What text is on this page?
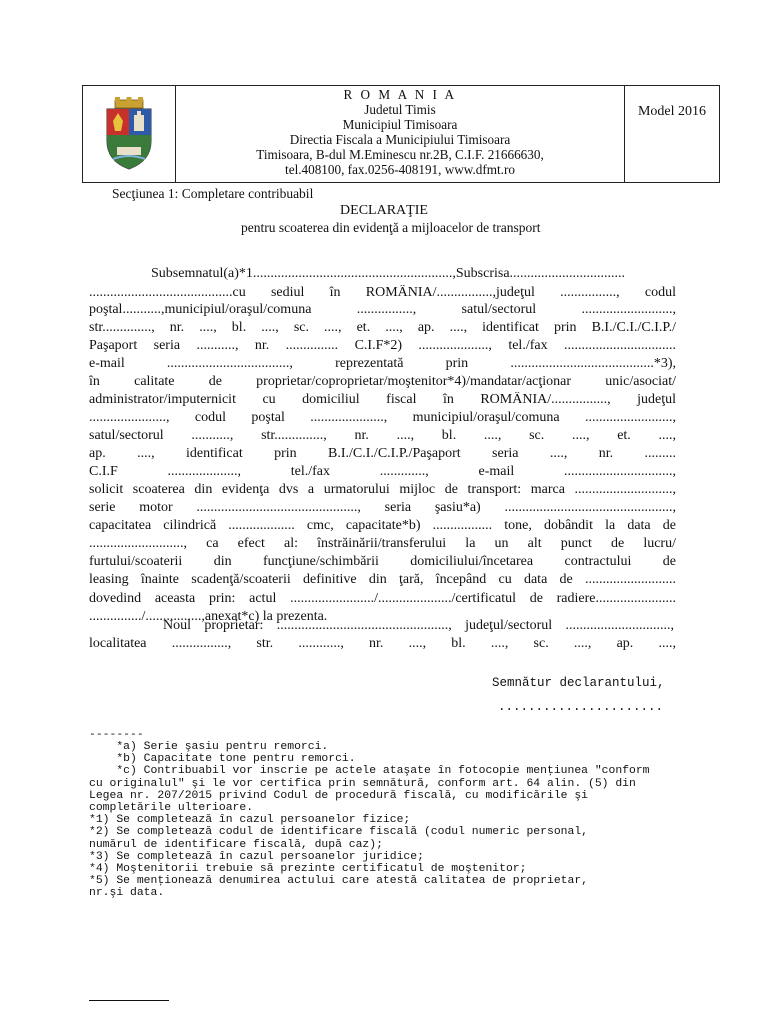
R O M A N I A
Judetul Timis
Municipiul Timisoara
Directia Fiscala a Municipiului Timisoara
Timisoara, B-dul M.Eminescu nr.2B, C.I.F. 21666630,
tel.408100, fax.0256-408191, www.dfmt.ro
Model 2016
Secţiunea 1: Completare contribuabil
DECLARAŢIE
pentru scoaterea din evidenţă a mijloacelor de transport
Subsemnatul(a)*1.........................................................,Subscrisa.................................
.........................................cu sediul în ROMÂNIA/................,judeţul ................, codul
poştal...........,municipiul/oraşul/comuna ................, satul/sectorul ..........................,
str.............., nr. ...., bl. ...., sc. ...., et. ...., ap. ...., identificat prin B.I./C.I./C.I.P./
Paşaport seria ..........., nr. ............... C.I.F*2) ...................., tel./fax ................................
e-mail ..................................., reprezentată prin .........................................*3),
în calitate de proprietar/coproprietar/moştenitor*4)/mandatar/acţionar unic/asociat/
administrator/imputernicit cu domiciliul fiscal în ROMÂNIA/................, judeţul
......................, codul poştal ....................., municipiul/oraşul/comuna .........................,
satul/sectorul ..........., str.............., nr. ...., bl. ...., sc. ...., et. ....,
ap. ...., identificat prin B.I./C.I./C.I.P./Paşaport seria ...., nr. .........
C.I.F ...................., tel./fax ............., e-mail ...............................,
solicit scoaterea din evidenţa dvs a urmatorului mijloc de transport: marca ............................,
serie motor .............................................., seria şasiu*a) ................................................,
capacitatea cilindrică ................... cmc, capacitate*b) ................. tone, dobândit la data de
..........................., ca efect al: înstrăinării/transferului la un alt punct de lucru/
furtului/scoaterii din funcţiune/schimbării domiciliului/încetarea contractului de
leasing înainte scadenţă/scoaterii definitive din ţară, începând cu data de ..........................
dovedind aceasta prin: actul ......................../...................../certificatul de radiere.......................
.............../................,anexat*c) la prezenta.
Noul proprietar: ................................................., judeţul/sectorul ..............................,
localitatea ................, str. ............, nr. ...., bl. ...., sc. ...., ap. ....,
Semnătur declarantului,
......................
--------
*a) Serie şasiu pentru remorci.
*b) Capacitate tone pentru remorci.
*c) Contribuabil vor inscrie pe actele ataşate în fotocopie menţiunea "conform
cu originalul" şi le vor certifica prin semnătură, conform art. 64 alin. (5) din
Legea nr. 207/2015 privind Codul de procedură fiscală, cu modificările şi
completările ulterioare.
*1) Se completează în cazul persoanelor fizice;
*2) Se completează codul de identificare fiscală (codul numeric personal,
numărul de identificare fiscală, după caz);
*3) Se completează în cazul persoanelor juridice;
*4) Moştenitorii trebuie să prezinte certificatul de moştenitor;
*5) Se menţionează denumirea actului care atestă calitatea de proprietar,
nr.şi data.
